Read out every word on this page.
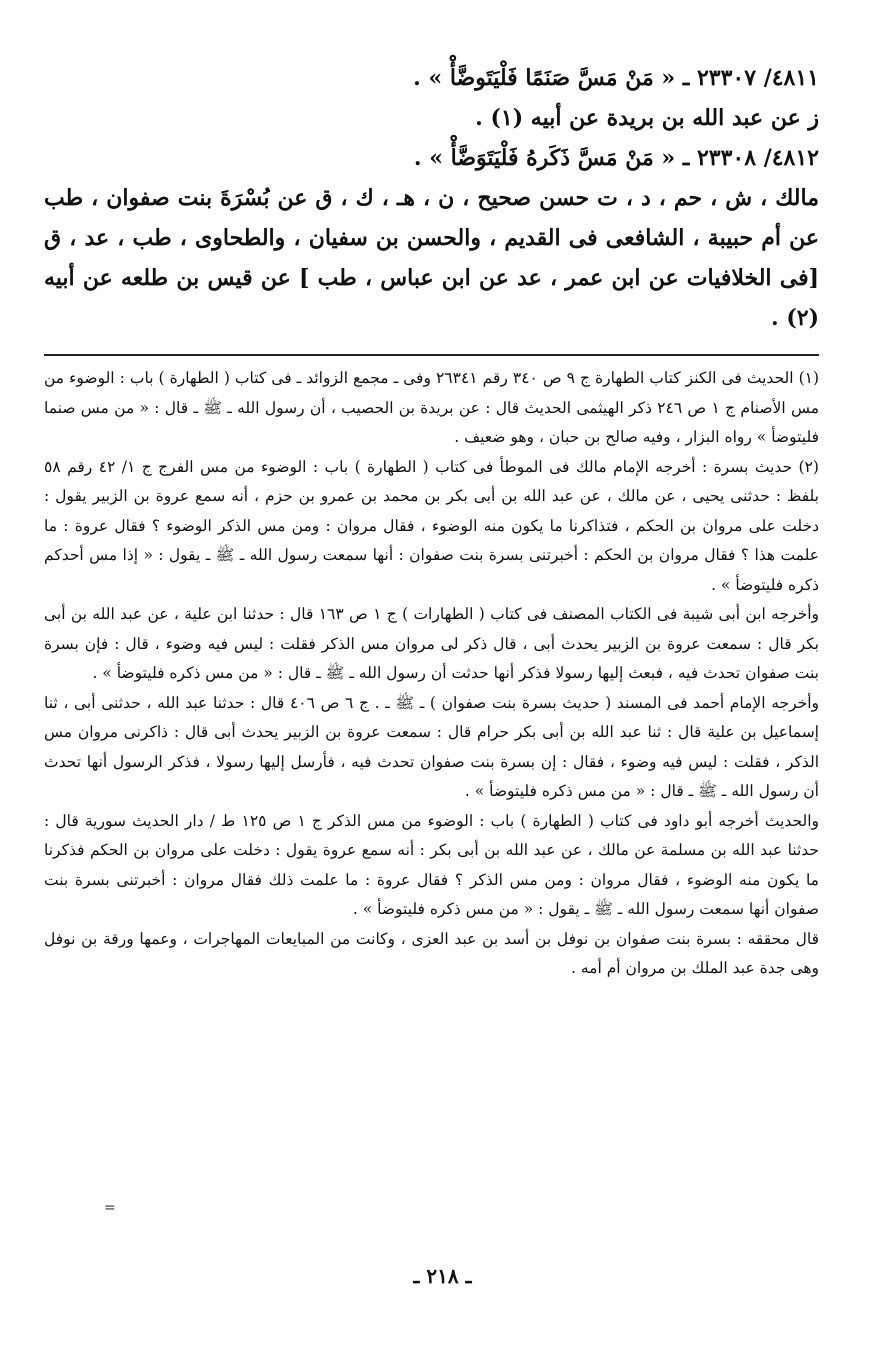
٤٨١١/ ٢٣٣٠٧ ـ « مَنْ مَسَّ صَنَمًا فَلْيَتَوضَّأْ » .

ز عن عبد الله بن بريدة عن أبيه (١) .

٤٨١٢/ ٢٣٣٠٨ ـ « مَنْ مَسَّ ذَكَرهُ فَلْيَتَوَضَّأْ » .

مالك ، ش ، حم ، د ، ت حسن صحيح ، ن ، هـ ، ك ، ق عن بُسْرَةَ بنت صفوان ، طب عن أم حبيبة ، الشافعى فى القديم ، والحسن بن سفيان ، والطحاوى ، طب ، عد ، ق [فى الخلافيات عن ابن عمر ، عد عن ابن عباس ، طب ] عن قيس بن طلعه عن أبيه (٢) .

(١) الحديث فى الكنز كتاب الطهارة ج ٩ ص ٣٤٠ رقم ٢٦٣٤١ وفى ـ مجمع الزوائد ـ فى كتاب ( الطهارة ) باب : الوضوء من مس الأصنام ج ١ ص ٢٤٦ ذكر الهيثمى الحديث قال : عن بريدة بن الحصيب ، أن رسول الله ـ ﷺ ـ قال : « من مس صنما فليتوضأ » رواه البزار ، وفيه صالح بن حبان ، وهو ضعيف .

(٢) حديث بسرة : أخرجه الإمام مالك فى الموطأ فى كتاب ( الطهارة ) باب : الوضوء من مس الفرج ج ١/ ٤٢ رقم ٥٨ بلفظ : حدثنى يحيى ، عن مالك ، عن عبد الله بن أبى بكر بن محمد بن عمرو بن حزم ، أنه سمع عروة بن الزبير يقول : دخلت على مروان بن الحكم ، فتذاكرنا ما يكون منه الوضوء ، فقال مروان : ومن مس الذكر الوضوء ؟ فقال عروة : ما علمت هذا ؟ فقال مروان بن الحكم : أخبرتنى بسرة بنت صفوان : أنها سمعت رسول الله ـ ﷺ ـ يقول : « إذا مس أحدكم ذكره فليتوضأ » .

وأخرجه ابن أبى شيبة فى الكتاب المصنف فى كتاب ( الطهارات ) ج ١ ص ١٦٣ قال : حدثنا ابن علية ، عن عبد الله بن أبى بكر قال : سمعت عروة بن الزبير يحدث أبى ، قال ذكر لى مروان مس الذكر فقلت : ليس فيه وضوء ، قال : فإن بسرة بنت صفوان تحدث فيه ، فبعث إليها رسولا فذكر أنها حدثت أن رسول الله ـ ﷺ ـ قال : « من مس ذكره فليتوضأ » .

وأخرجه الإمام أحمد فى المسند ( حديث بسرة بنت صفوان ) ـ ﷺ ـ . ج ٦ ص ٤٠٦ قال : حدثنا عبد الله ، حدثنى أبى ، ثنا إسماعيل بن علية قال : ثنا عبد الله بن أبى بكر حرام قال : سمعت عروة بن الزبير يحدث أبى قال : ذاكرنى مروان مس الذكر ، فقلت : ليس فيه وضوء ، فقال : إن بسرة بنت صفوان تحدث فيه ، فأرسل إليها رسولا ، فذكر الرسول أنها تحدث أن رسول الله ـ ﷺ ـ قال : « من مس ذكره فليتوضأ » .

والحديث أخرجه أبو داود فى كتاب ( الطهارة ) باب : الوضوء من مس الذكر ج ١ ص ١٢٥ ط / دار الحديث سورية قال : حدثنا عبد الله بن مسلمة عن مالك ، عن عبد الله بن أبى بكر : أنه سمع عروة يقول : دخلت على مروان بن الحكم فذكرنا ما يكون منه الوضوء ، فقال مروان : ومن مس الذكر ؟ فقال عروة : ما علمت ذلك فقال مروان : أخبرتنى بسرة بنت صفوان أنها سمعت رسول الله ـ ﷺ ـ يقول : « من مس ذكره فليتوضأ » .

قال محققه : بسرة بنت صفوان بن نوفل بن أسد بن عبد العزى ، وكانت من المبايعات المهاجرات ، وعمها ورقة بن نوفل وهى جدة عبد الملك بن مروان أم أمه .

=
ـ ٢١٨ ـ
